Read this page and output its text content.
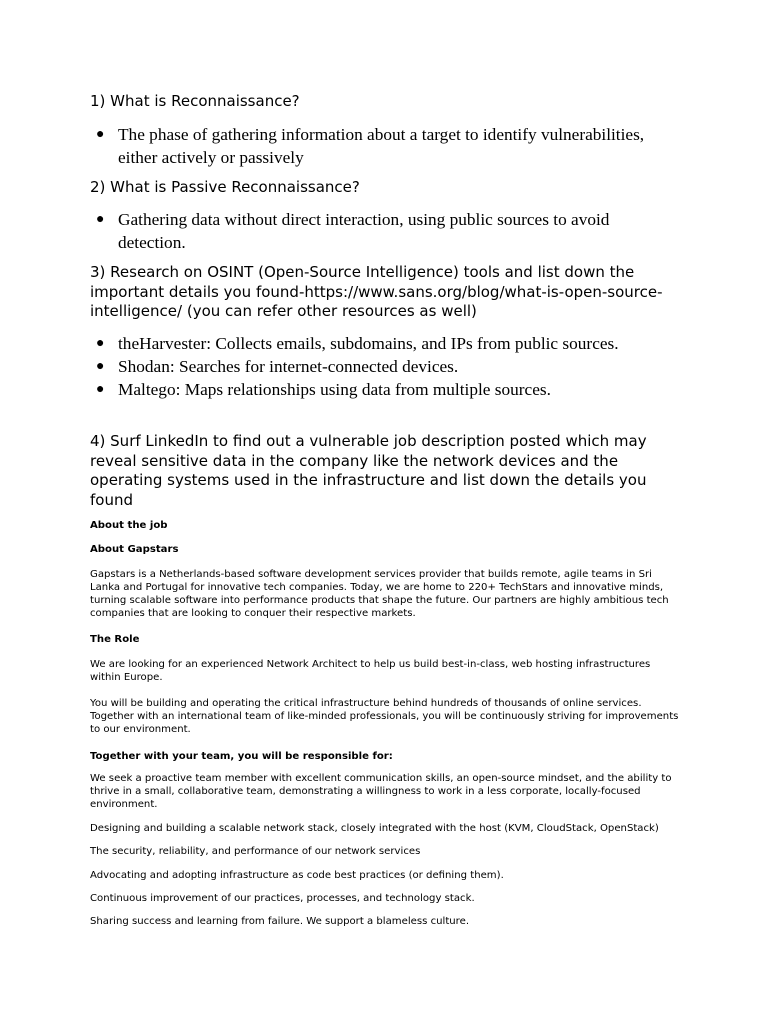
1) What is Reconnaissance?

● The phase of gathering information about a target to identify vulnerabilities, either actively or passively

2) What is Passive Reconnaissance?

● Gathering data without direct interaction, using public sources to avoid detection.

3) Research on OSINT (Open-Source Intelligence) tools and list down the important details you found-https://www.sans.org/blog/what-is-open-source-intelligence/ (you can refer other resources as well)

● theHarvester: Collects emails, subdomains, and IPs from public sources.
● Shodan: Searches for internet-connected devices.
● Maltego: Maps relationships using data from multiple sources.

4) Surf LinkedIn to find out a vulnerable job description posted which may reveal sensitive data in the company like the network devices and the operating systems used in the infrastructure and list down the details you found

About the job

About Gapstars

Gapstars is a Netherlands-based software development services provider that builds remote, agile teams in Sri Lanka and Portugal for innovative tech companies. Today, we are home to 220+ TechStars and innovative minds, turning scalable software into performance products that shape the future. Our partners are highly ambitious tech companies that are looking to conquer their respective markets.

The Role

We are looking for an experienced Network Architect to help us build best-in-class, web hosting infrastructures within Europe.

You will be building and operating the critical infrastructure behind hundreds of thousands of online services. Together with an international team of like-minded professionals, you will be continuously striving for improvements to our environment.

Together with your team, you will be responsible for:

We seek a proactive team member with excellent communication skills, an open-source mindset, and the ability to thrive in a small, collaborative team, demonstrating a willingness to work in a less corporate, locally-focused environment.

Designing and building a scalable network stack, closely integrated with the host (KVM, CloudStack, OpenStack)

The security, reliability, and performance of our network services

Advocating and adopting infrastructure as code best practices (or defining them).

Continuous improvement of our practices, processes, and technology stack.

Sharing success and learning from failure. We support a blameless culture.
